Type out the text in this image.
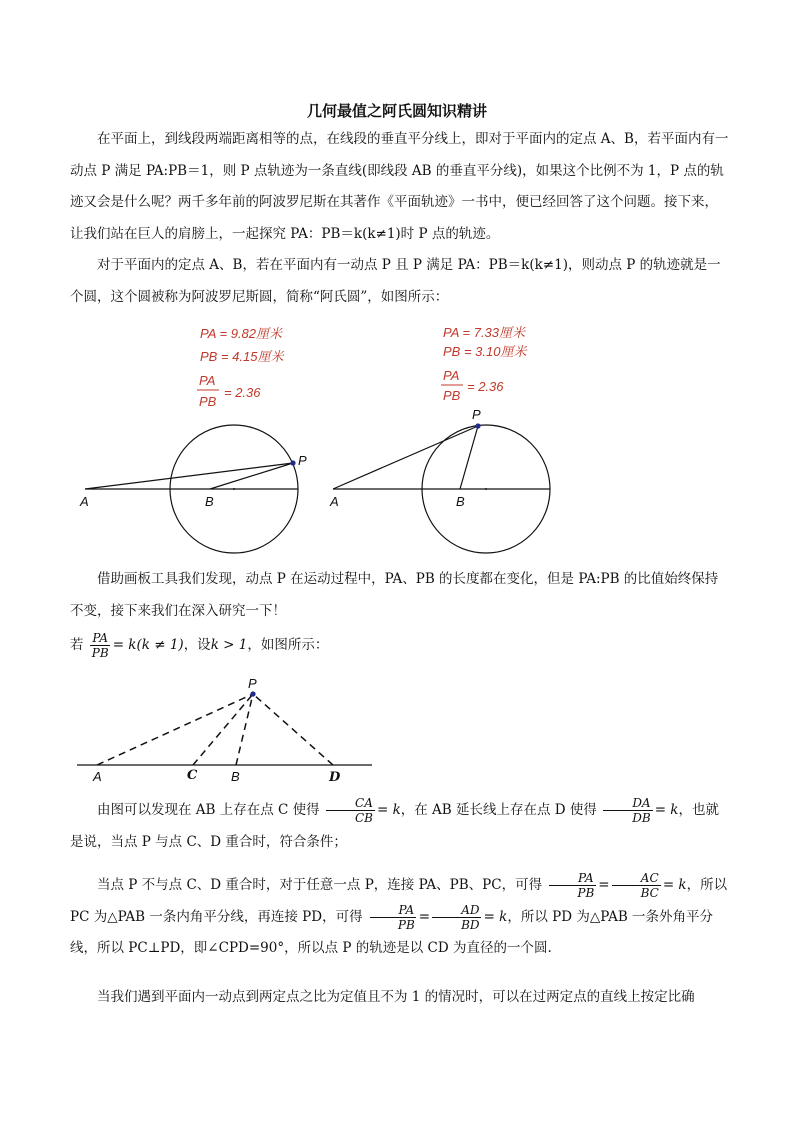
几何最值之阿氏圆知识精讲
在平面上，到线段两端距离相等的点，在线段的垂直平分线上，即对于平面内的定点 A、B，若平面内有一动点 P 满足 PA:PB＝1，则 P 点轨迹为一条直线(即线段 AB 的垂直平分线)，如果这个比例不为 1，P 点的轨迹又会是什么呢？两千多年前的阿波罗尼斯在其著作《平面轨迹》一书中，便已经回答了这个问题。接下来，让我们站在巨人的肩膀上，一起探究 PA：PB＝k(k≠1)时 P 点的轨迹。
对于平面内的定点 A、B，若在平面内有一动点 P 且 P 满足 PA：PB＝k(k≠1)，则动点 P 的轨迹就是一个圆，这个圆被称为阿波罗尼斯圆，简称“阿氏圆”，如图所示：
PA = 9.82厘米
PB = 4.15厘米
PA
PB
= 2.36
P
A	B
PA = 7.33厘米
PB = 3.10厘米
PA
PB
= 2.36
P
A	B
P
A	C	B	D
借助画板工具我们发现，动点 P 在运动过程中，PA、PB 的长度都在变化，但是 PA:PB 的比值始终保持不变，接下来我们在深入研究一下！
若 $\frac{PA}{PB} = k(k \ne 1)$，设k > 1，如图所示：
由图可以发现在 AB 上存在点 C 使得 $\frac{CA}{CB} = k$，在 AB 延长线上存在点 D 使得 $\frac{DA}{DB} = k$，也就是说，当点 P 与点 C、D 重合时，符合条件；
当点 P 不与点 C、D 重合时，对于任意一点 P，连接 PA、PB、PC，可得 $\frac{PA}{PB} = \frac{AC}{BC} = k$，所以 PC 为△PAB 一条内角平分线，再连接 PD，可得 $\frac{PA}{PB} = \frac{AD}{BD} = k$，所以 PD 为△PAB 一条外角平分线，所以 PC⊥PD，即∠CPD=90°，所以点 P 的轨迹是以 CD 为直径的一个圆.
当我们遇到平面内一动点到两定点之比为定值且不为 1 的情况时，可以在过两定点的直线上按定比确
